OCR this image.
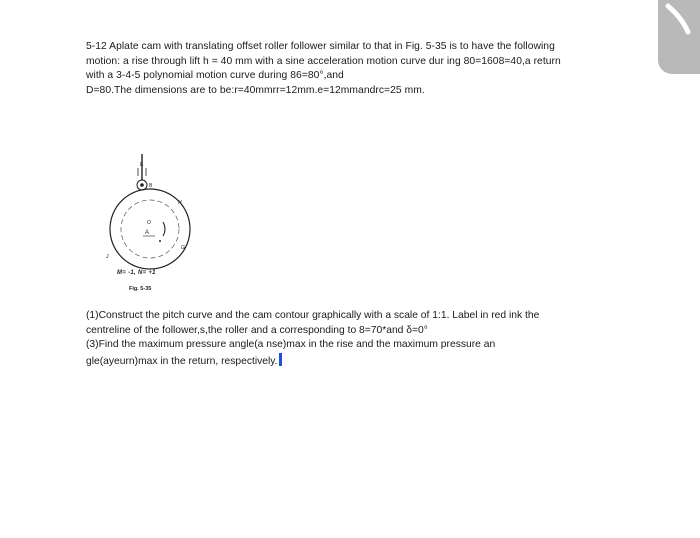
5-12 Aplate cam with translating offset roller follower similar to that in Fig. 5-35 is to have the following

motion: a rise through lift h = 40 mm with a sine acceleration motion curve dur ing 80=1608=40,a return

with a 3-4-5 polynomial motion curve during 86=80°,and

D=80.The dimensions are to be:r=40mmrr=12mm.e=12mmandrc=25 mm.

E
B
O
A
H
G
J
M= -1, N= +1
Fig. 5-35

(1)Construct the pitch curve and the cam contour graphically with a scale of 1:1. Label in red ink the

centreline of the follower,s,the roller and a corresponding to 8=70*and δ=0°

(3)Find the maximum pressure angle(a nse)max in the rise and the maximum pressure an

gle(ayeurn)max in the return, respectively.
